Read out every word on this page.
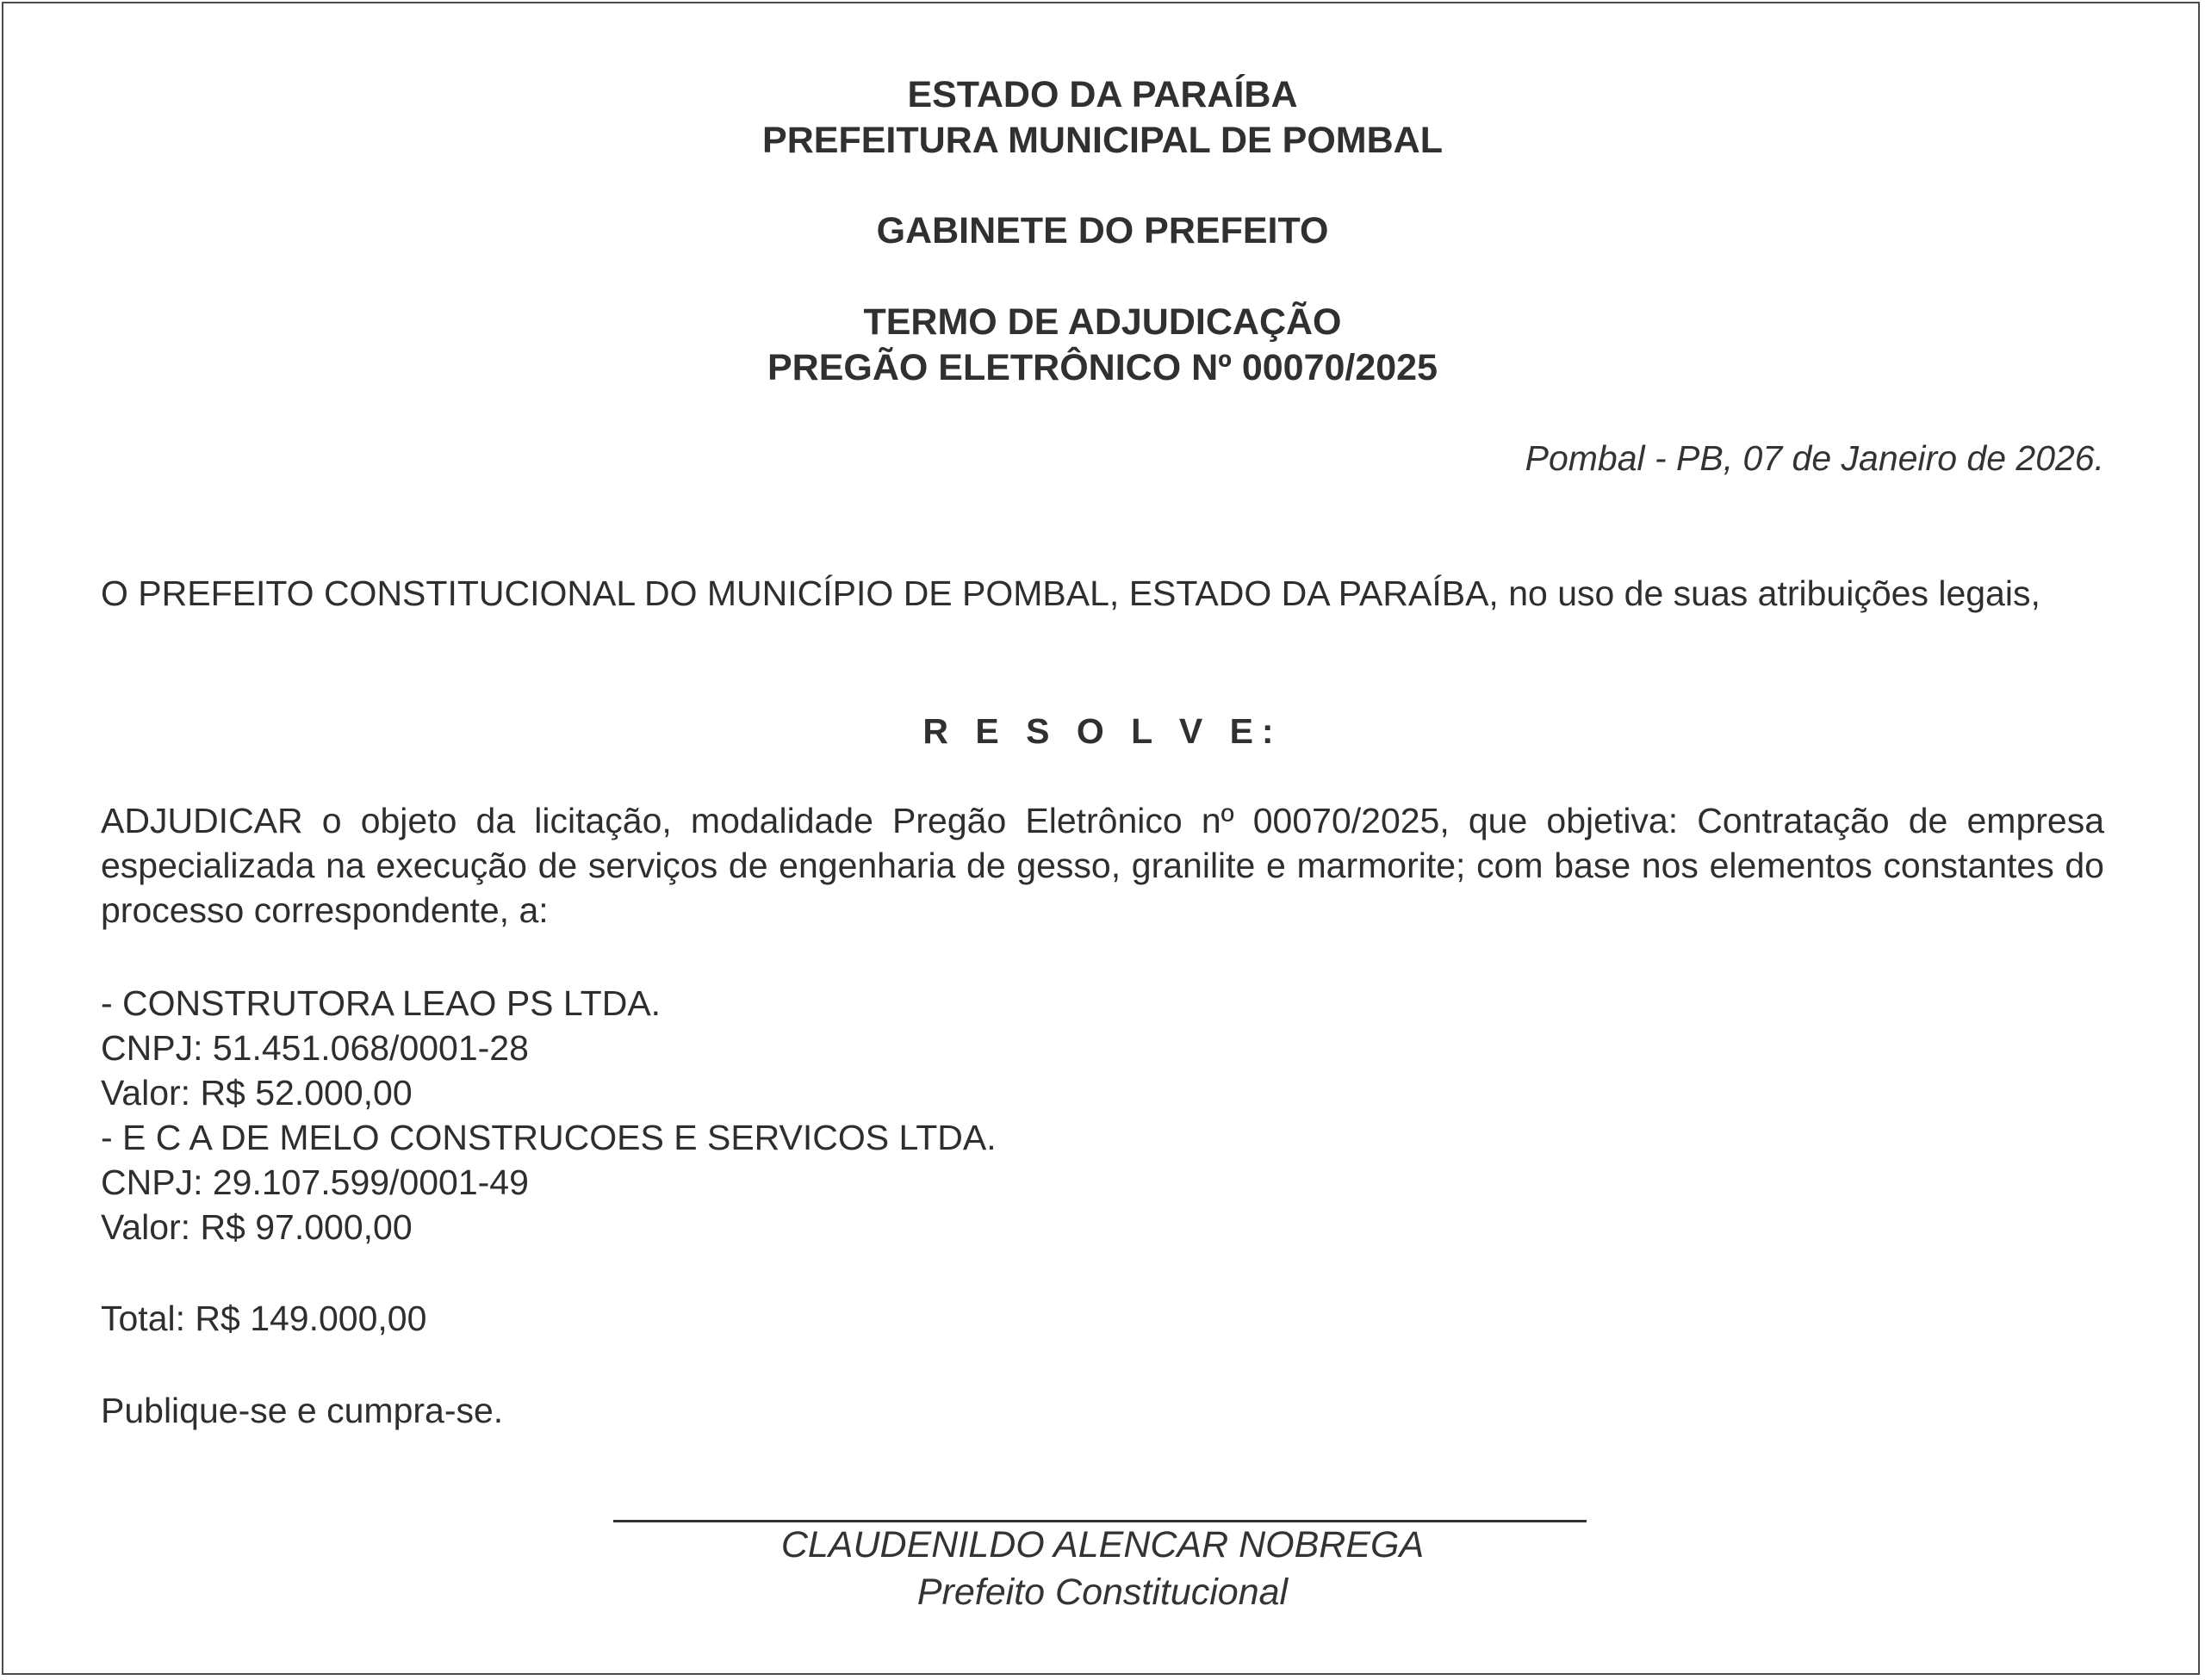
ESTADO DA PARAÍBA

PREFEITURA MUNICIPAL DE POMBAL

GABINETE DO PREFEITO

TERMO DE ADJUDICAÇÃO

PREGÃO ELETRÔNICO Nº 00070/2025

Pombal - PB, 07 de Janeiro de 2026.

O PREFEITO CONSTITUCIONAL DO MUNICÍPIO DE POMBAL, ESTADO DA PARAÍBA, no uso de suas atribuições legais,

R E S O L V E:

ADJUDICAR o objeto da licitação, modalidade Pregão Eletrônico nº 00070/2025, que objetiva: Contratação de empresa especializada na execução de serviços de engenharia de gesso, granilite e marmorite; com base nos elementos constantes do processo correspondente, a:

- CONSTRUTORA LEAO PS LTDA.

CNPJ: 51.451.068/0001-28

Valor: R$ 52.000,00

- E C A DE MELO CONSTRUCOES E SERVICOS LTDA.

CNPJ: 29.107.599/0001-49

Valor: R$ 97.000,00

Total: R$ 149.000,00

Publique-se e cumpra-se.

CLAUDENILDO ALENCAR NOBREGA

Prefeito Constitucional
